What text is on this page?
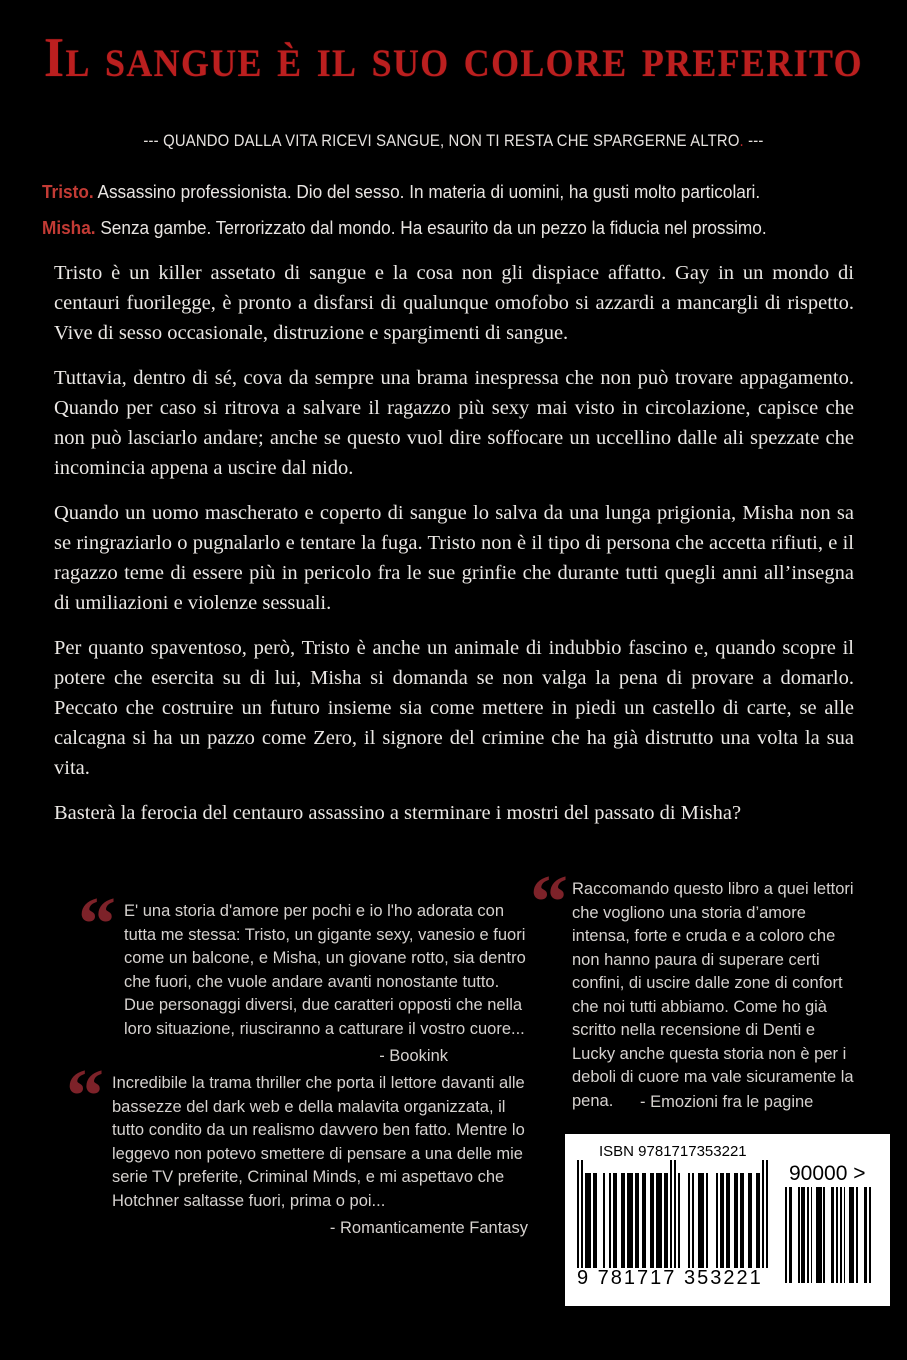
Il sangue è il suo colore preferito
--- QUANDO DALLA VITA RICEVI SANGUE, NON TI RESTA CHE SPARGERNE ALTRO. ---
Tristo. Assassino professionista. Dio del sesso. In materia di uomini, ha gusti molto particolari.
Misha. Senza gambe. Terrorizzato dal mondo. Ha esaurito da un pezzo la fiducia nel prossimo.

Tristo è un killer assetato di sangue e la cosa non gli dispiace affatto. Gay in un mondo di centauri fuorilegge, è pronto a disfarsi di qualunque omofobo si azzardi a mancargli di rispetto. Vive di sesso occasionale, distruzione e spargimenti di sangue.

Tuttavia, dentro di sé, cova da sempre una brama inespressa che non può trovare appagamento. Quando per caso si ritrova a salvare il ragazzo più sexy mai visto in circolazione, capisce che non può lasciarlo andare; anche se questo vuol dire soffocare un uccellino dalle ali spezzate che incomincia appena a uscire dal nido.

Quando un uomo mascherato e coperto di sangue lo salva da una lunga prigionia, Misha non sa se ringraziarlo o pugnalarlo e tentare la fuga. Tristo non è il tipo di persona che accetta rifiuti, e il ragazzo teme di essere più in pericolo fra le sue grinfie che durante tutti quegli anni all’insegna di umiliazioni e violenze sessuali.

Per quanto spaventoso, però, Tristo è anche un animale di indubbio fascino e, quando scopre il potere che esercita su di lui, Misha si domanda se non valga la pena di provare a domarlo. Peccato che costruire un futuro insieme sia come mettere in piedi un castello di carte, se alle calcagna si ha un pazzo come Zero, il signore del crimine che ha già distrutto una volta la sua vita.

Basterà la ferocia del centauro assassino a sterminare i mostri del passato di Misha?

“ E' una storia d'amore per pochi e io l'ho adorata con tutta me stessa: Tristo, un gigante sexy, vanesio e fuori come un balcone, e Misha, un giovane rotto, sia dentro che fuori, che vuole andare avanti nonostante tutto. Due personaggi diversi, due caratteri opposti che nella loro situazione, riusciranno a catturare il vostro cuore...
- Bookink
“ Incredibile la trama thriller che porta il lettore davanti alle bassezze del dark web e della malavita organizzata, il tutto condito da un realismo davvero ben fatto. Mentre lo leggevo non potevo smettere di pensare a una delle mie serie TV preferite, Criminal Minds, e mi aspettavo che Hotchner saltasse fuori, prima o poi...
- Romanticamente Fantasy
“ Raccomando questo libro a quei lettori che vogliono una storia d’amore intensa, forte e cruda e a coloro che non hanno paura di superare certi confini, di uscire dalle zone di confort che noi tutti abbiamo. Come ho già scritto nella recensione di Denti e Lucky anche questa storia non è per i deboli di cuore ma vale sicuramente la pena.	- Emozioni fra le pagine
ISBN 9781717353221
9 781717 353221
90000 >
